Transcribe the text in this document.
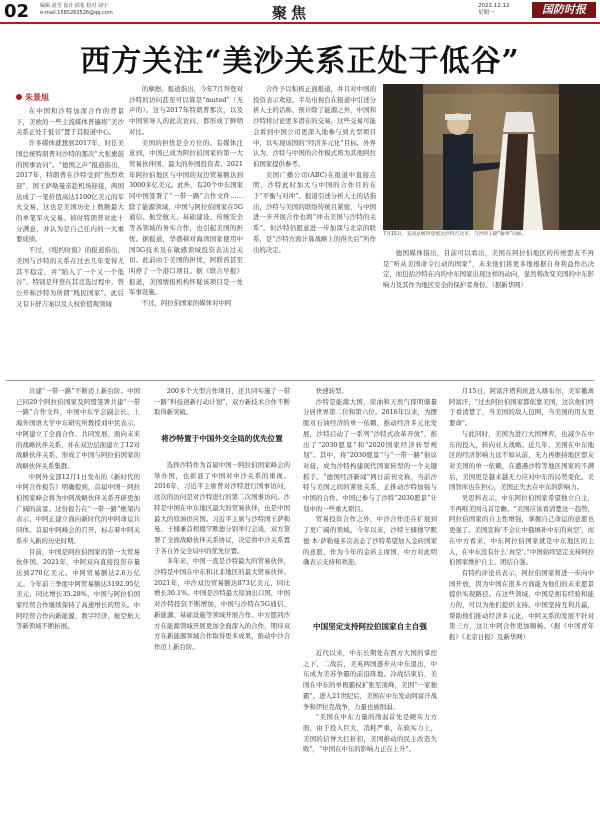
02 编辑 夏雪 设计 邱希 校对 刘宇
e-mail:1585263526@qq.com	聚焦	2022.12.12
星期一	国防时报
西方关注“美沙关系正处于低谷”
朱景旭

在中国和沙特加深合作的背景下，美欧的一些主流媒体普遍将“美沙关系正处于低谷”置于其报道中心。

许多媒体就想到2017年，时任美国总统特朗普对沙特的那次“大张旗鼓的国事访问”。“德国之声”报道指出，2017年，特朗普在沙特受到“热烈欢迎”，国王萨勒曼亲赴机场迎接，两国达成了一笔价值高达1100亿美元的军火交易，这也是美国历史上数额最大的单笔军火交易。彼时特朗普对此十分满意，并认为是自己任内的一大重要成绩。

不过，《纽约时报》的报道指出，美国与沙特的关系在过去几年变得尤其不稳定，并“陷入了一个又一个低谷”。特别是拜登在其竞选过程中，曾公开称沙特为所谓“贱民国家”。此后又有卡舒吉案以及人权价值观领域

的摩擦。报道指出，今年7月拜登对沙特的访问甚至可以算是“muted”（无声的）。这与2017年特朗普那次，以及中国领导人的此次访问，都形成了鲜明对比。

美国的担忧是全方位的。有媒体注意到，中国已成为阿拉伯国家的第一大贸易伙伴国、最大的外国投资者。2021年阿拉伯地区与中国的双边贸易额达到3000多亿美元。此外，有20个中东国家同中国签署了“一带一路”合作文件……除了能源领域，中国与阿拉伯国家在5G通信、航空航天、基础建设、传统安全等各领域的务实合作，也引起美国的担忧。据报道，华盛顿对海湾国家使用中国5G技术及在敏感领域投资表达过关切。此前由于美国的担忧，阿联酋甚至叫停了一个港口项目。据《联合早报》报道，美国情报机构怀疑该项目是一处军事设施。

不过，阿拉伯国家的媒体对中阿

合作予以积极正面报道，并且对中国的投资表示欢迎。半岛电视台在报道中引述分析人士的话称，预计除了能源之外，中国和沙特将讨论更多潜在的交易，这些交易可能会看到中国公司更深入地参与到大型项目中，以实现该国的“经济多元化”目标。外界认为，沙特与中国的合作模式将为其他阿拉伯国家提供参考。

美国广播公司(ABC)在报道中直接点明，沙特此时加大与中国的合作目的在于“平衡与对冲”。报道引述分析人士的话指出，沙特与美国的联络传统且紧密，与中国进一步开展合作也将“冲击美国与沙特的关系”。但沙特仍愿意进一步加深与北京的联系，是“沙特方面计算战略上的得失后”所作出的决定。

7月15日，美国总统拜登抵达沙特吉达市，与沙特王储“碰拳”问候。

德国媒体指出，目前可以看出，美国在阿拉伯地区的传统盟友不再是“听从美国命令行动的国家”，未来他们将更多地根据自身利益作出决定，而包括沙特在内的中东国家出现这样的动向，显然将改变美国的中东影响力及其作为地区安全的保护者身份。（据新华网）

共建“一带一路”不断迈上新台阶。中国已同20个阿拉伯国家及阿盟签署共建“一带一路”合作文件，中国中东学会副会长、上海外国语大学中东研究所教授刘中民表示，中阿建立了全面合作、共同发展、面向未来的战略伙伴关系，并在双边层面建立了12对战略伙伴关系，形成了中国与阿拉伯国家的战略伙伴关系集群。

中阿外交部12月1日发布的《新时代的中阿合作报告》明确提到，首届中国－阿拉伯国家峰会将为中阿战略伙伴关系开辟更加广阔的前景。这份报告在“一带一路”框架内表示，中阿正建立面向新时代的中阿命运共同体。首届中阿峰会的召开，标志着中阿关系步入新的历史时期。

目前，中国是阿拉伯国家的第一大贸易伙伴国。2021年，中阿双向直接投资存量达到270亿美元。中阿贸易额达2.6万亿元。今年前三季度中阿贸易额达3192.95亿美元，同比增长35.28%，中国与阿拉伯国家经贸合作继续保持了高速增长的势头。中阿经贸合作向新能源、数字经济、航空航天等新领域不断拓展。

200多个大型合作项目，还共同实施了一带一路“科技创新行动计划”，双方新技术合作不断取得新突破。

将沙特置于中国外交全局的优先位置

选择沙特作为首届中国－阿拉伯国家峰会的举办国，也彰显了中国对中沙关系的重视。2016年，习近平主席曾对沙特进行国事访问，这次的访问是对沙特进行的第二次国事访问。沙特是中国在中东地区最大的贸易伙伴，也是中国最大的原油供应国。习近平主席与沙特国王萨勒曼、王储兼首相穆罕默德分别举行会谈，双方签署了全面战略伙伴关系协议，决定将中沙关系置于各自外交全局中的优先位置。

多年来，中国一直是沙特最大的贸易伙伴，沙特是中国在中东和北非地区的最大贸易伙伴。2021年，中沙双边贸易额达873亿美元，同比增长30.1%。中国是沙特最大原油出口国，中国对沙特投资不断增加，中国与沙特在5G通信、新能源、基础设施等领域开展合作。中方愿同沙方在能源领域开展更加全面深入的合作，期待双方在新能源领域合作取得更多成果，推动中沙合作迈上新台阶。

快速转型。

沙特是能源大国，原油和天然气探明储量分居世界第二位和第六位。2016年以来，为摆脱对石油经济的单一依赖，推动经济多元化发展，沙特启动了一系列“沙特式改革开放”，推出了“2030愿景”和“2020国家经济转型规划”。其中，将“2030愿景”与“一带一路”倡议对接，成为沙特构建现代国家转型的一个关键抓手。“德国经济新闻”网日前刊文称，当前沙特与美国之间的紧张关系，正推动沙特加强与中国的合作。中国已参与了沙特“2030愿景”计划中的一些重大项目。

贸易投资合作之外，中沙合作还在扩展到了更广阔的领域。今年以来，沙特王储穆罕默德·本·萨勒曼多次表态了沙特希望加入金砖国家的意愿，作为今年的金砖主席国，中方对此明确表示支持和欢迎。

中国坚定支持阿拉伯国家自主自强

近代以来，中东长期处在西方大国的掌控之下，二战后，美英两国逐步从中东退出，中东成为美苏争霸的前沿阵地。冷战结束后，美国在中东的单极霸权扩张至顶峰，美国“一家独霸”。进入21世纪后，美国在中东发动阿富汗战争和伊拉克战争，力量也被削弱。

“美国在中东力量的削弱首先是硬实力方面，由于投入巨大，消耗严重，在软实力上，美国的信誉大打折扣，美国推动的民主改造失败”，“中国在中东的影响力正在上升”。

月15日，阿富汗塔利班进入喀布尔，美军撤离阿富汗，“过去阿拉伯国家都依靠美国，这次他们终于看清楚了，当美国的敌人包围，当美国的用友更要命”。

与此同时，美国为进行大国博弈，也减少在中东的投入，转向亚太战略。近几年，美国在中东地区的经济影响力远不如从前，无力再维持地区盟友对美国的单一依赖，在遭遇沙特等地区国家的不满后，美国更是越来越无力应对中东的局势变化。美国智库也在担心，美国正失去在中东的影响力。

吴思科表示，中东阿拉伯国家希望独立自主，不再唯美国马首是瞻。“美国应该看清楚这一趋势，阿拉伯国家的自主性增强，拿握自己命运的意愿也更强了。美国宣称‘不会让中俄填补中东的真空’，而在中方看来，中东阿拉伯国家就是中东地区的主人，在中东没有什么‘真空’。”中国始终坚定支持阿拉伯国家维护自主、团结自强。

有特约评论员表示，阿拉伯国家将进一步向中国开放，因为中国在很多方面能为他们的未来愿景提供实现路径。在这些领域，中国是拥有经验和能力的，可以为他们提供支持。中国坚持互利共赢，帮助他们推动经济多元化，中阿关系的发展不针对第三方，这让中阿合作更加顺畅。（据《中国青年报》《北京日报》及新华网）
